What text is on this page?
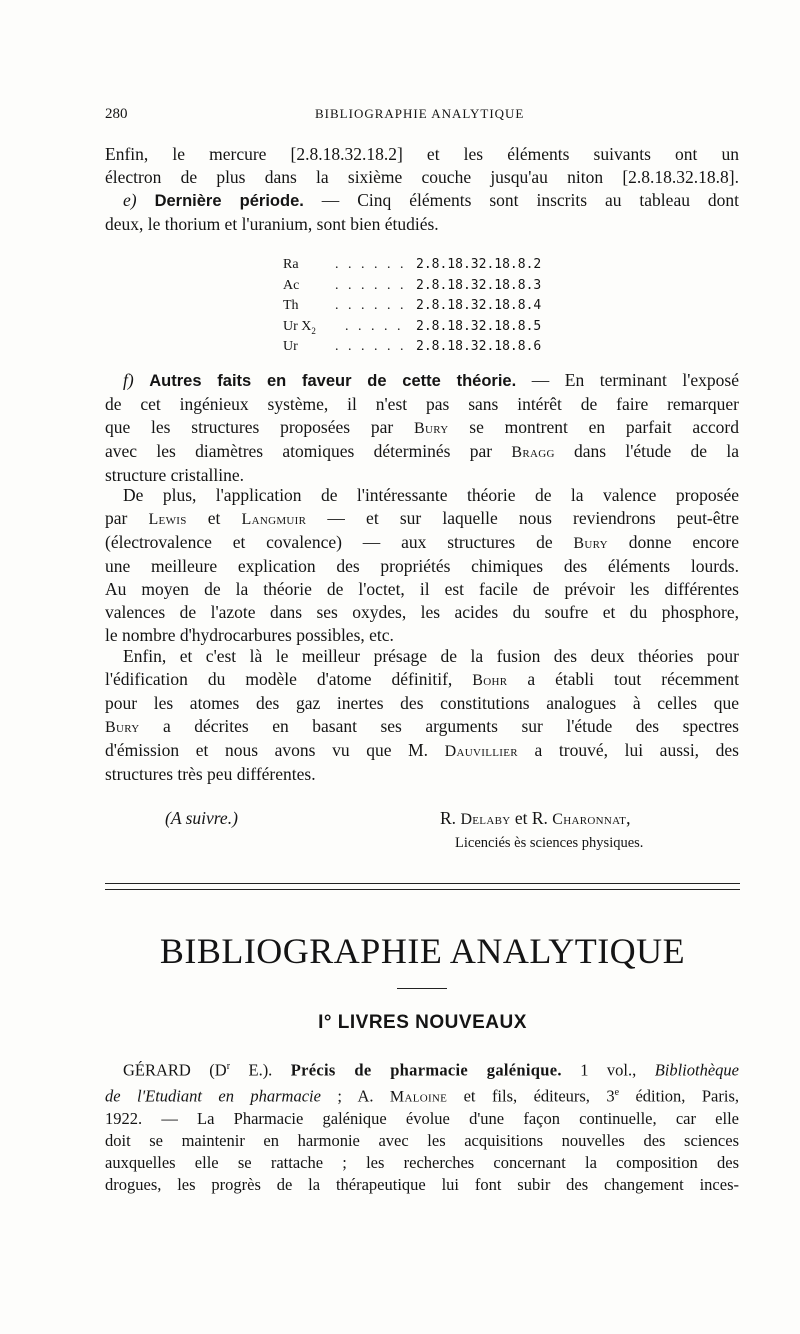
280	BIBLIOGRAPHIE ANALYTIQUE

Enfin, le mercure [2.8.18.32.18.2] et les éléments suivants ont un
électron de plus dans la sixième couche jusqu'au niton [2.8.18.32.18.8].

e) Dernière période. — Cinq éléments sont inscrits au tableau dont
deux, le thorium et l'uranium, sont bien étudiés.

Ra	. . . . . . 2.8.18.32.18.8.2
Ac	. . . . . . 2.8.18.32.18.8.3
Th	. . . . . . 2.8.18.32.18.8.4
Ur $X_2$ . . . . . 2.8.18.32.18.8.5
Ur	. . . . . . 2.8.18.32.18.8.6

f) Autres faits en faveur de cette théorie. — En terminant l'exposé
de cet ingénieux système, il n'est pas sans intérêt de faire remarquer
que les structures proposées par Bury se montrent en parfait accord
avec les diamètres atomiques déterminés par Bragg dans l'étude de la
structure cristalline.

De plus, l'application de l'intéressante théorie de la valence proposée
par Lewis et Langmuir — et sur laquelle nous reviendrons peut-être
(électrovalence et covalence) — aux structures de Bury donne encore
une meilleure explication des propriétés chimiques des éléments lourds.
Au moyen de la théorie de l'octet, il est facile de prévoir les différentes
valences de l'azote dans ses oxydes, les acides du soufre et du phosphore,
le nombre d'hydrocarbures possibles, etc.

Enfin, et c'est là le meilleur présage de la fusion des deux théories pour
l'édification du modèle d'atome définitif, Bohr a établi tout récemment
pour les atomes des gaz inertes des constitutions analogues à celles que
Bury a décrites en basant ses arguments sur l'étude des spectres
d'émission et nous avons vu que M. Dauvillier a trouvé, lui aussi, des
structures très peu différentes.

(A suivre.)	R. Delaby et R. Charonnat,
Licenciés ès sciences physiques.
BIBLIOGRAPHIE ANALYTIQUE
I° LIVRES NOUVEAUX

GÉRARD ($D^r$ E.). Précis de pharmacie galénique. 1 vol., Bibliothèque
de l'Etudiant en pharmacie ; A. Maloine et fils, éditeurs, 3e édition, Paris,
1922. — La Pharmacie galénique évolue d'une façon continuelle, car elle
doit se maintenir en harmonie avec les acquisitions nouvelles des sciences
auxquelles elle se rattache ; les recherches concernant la composition des
drogues, les progrès de la thérapeutique lui font subir des changement inces-
